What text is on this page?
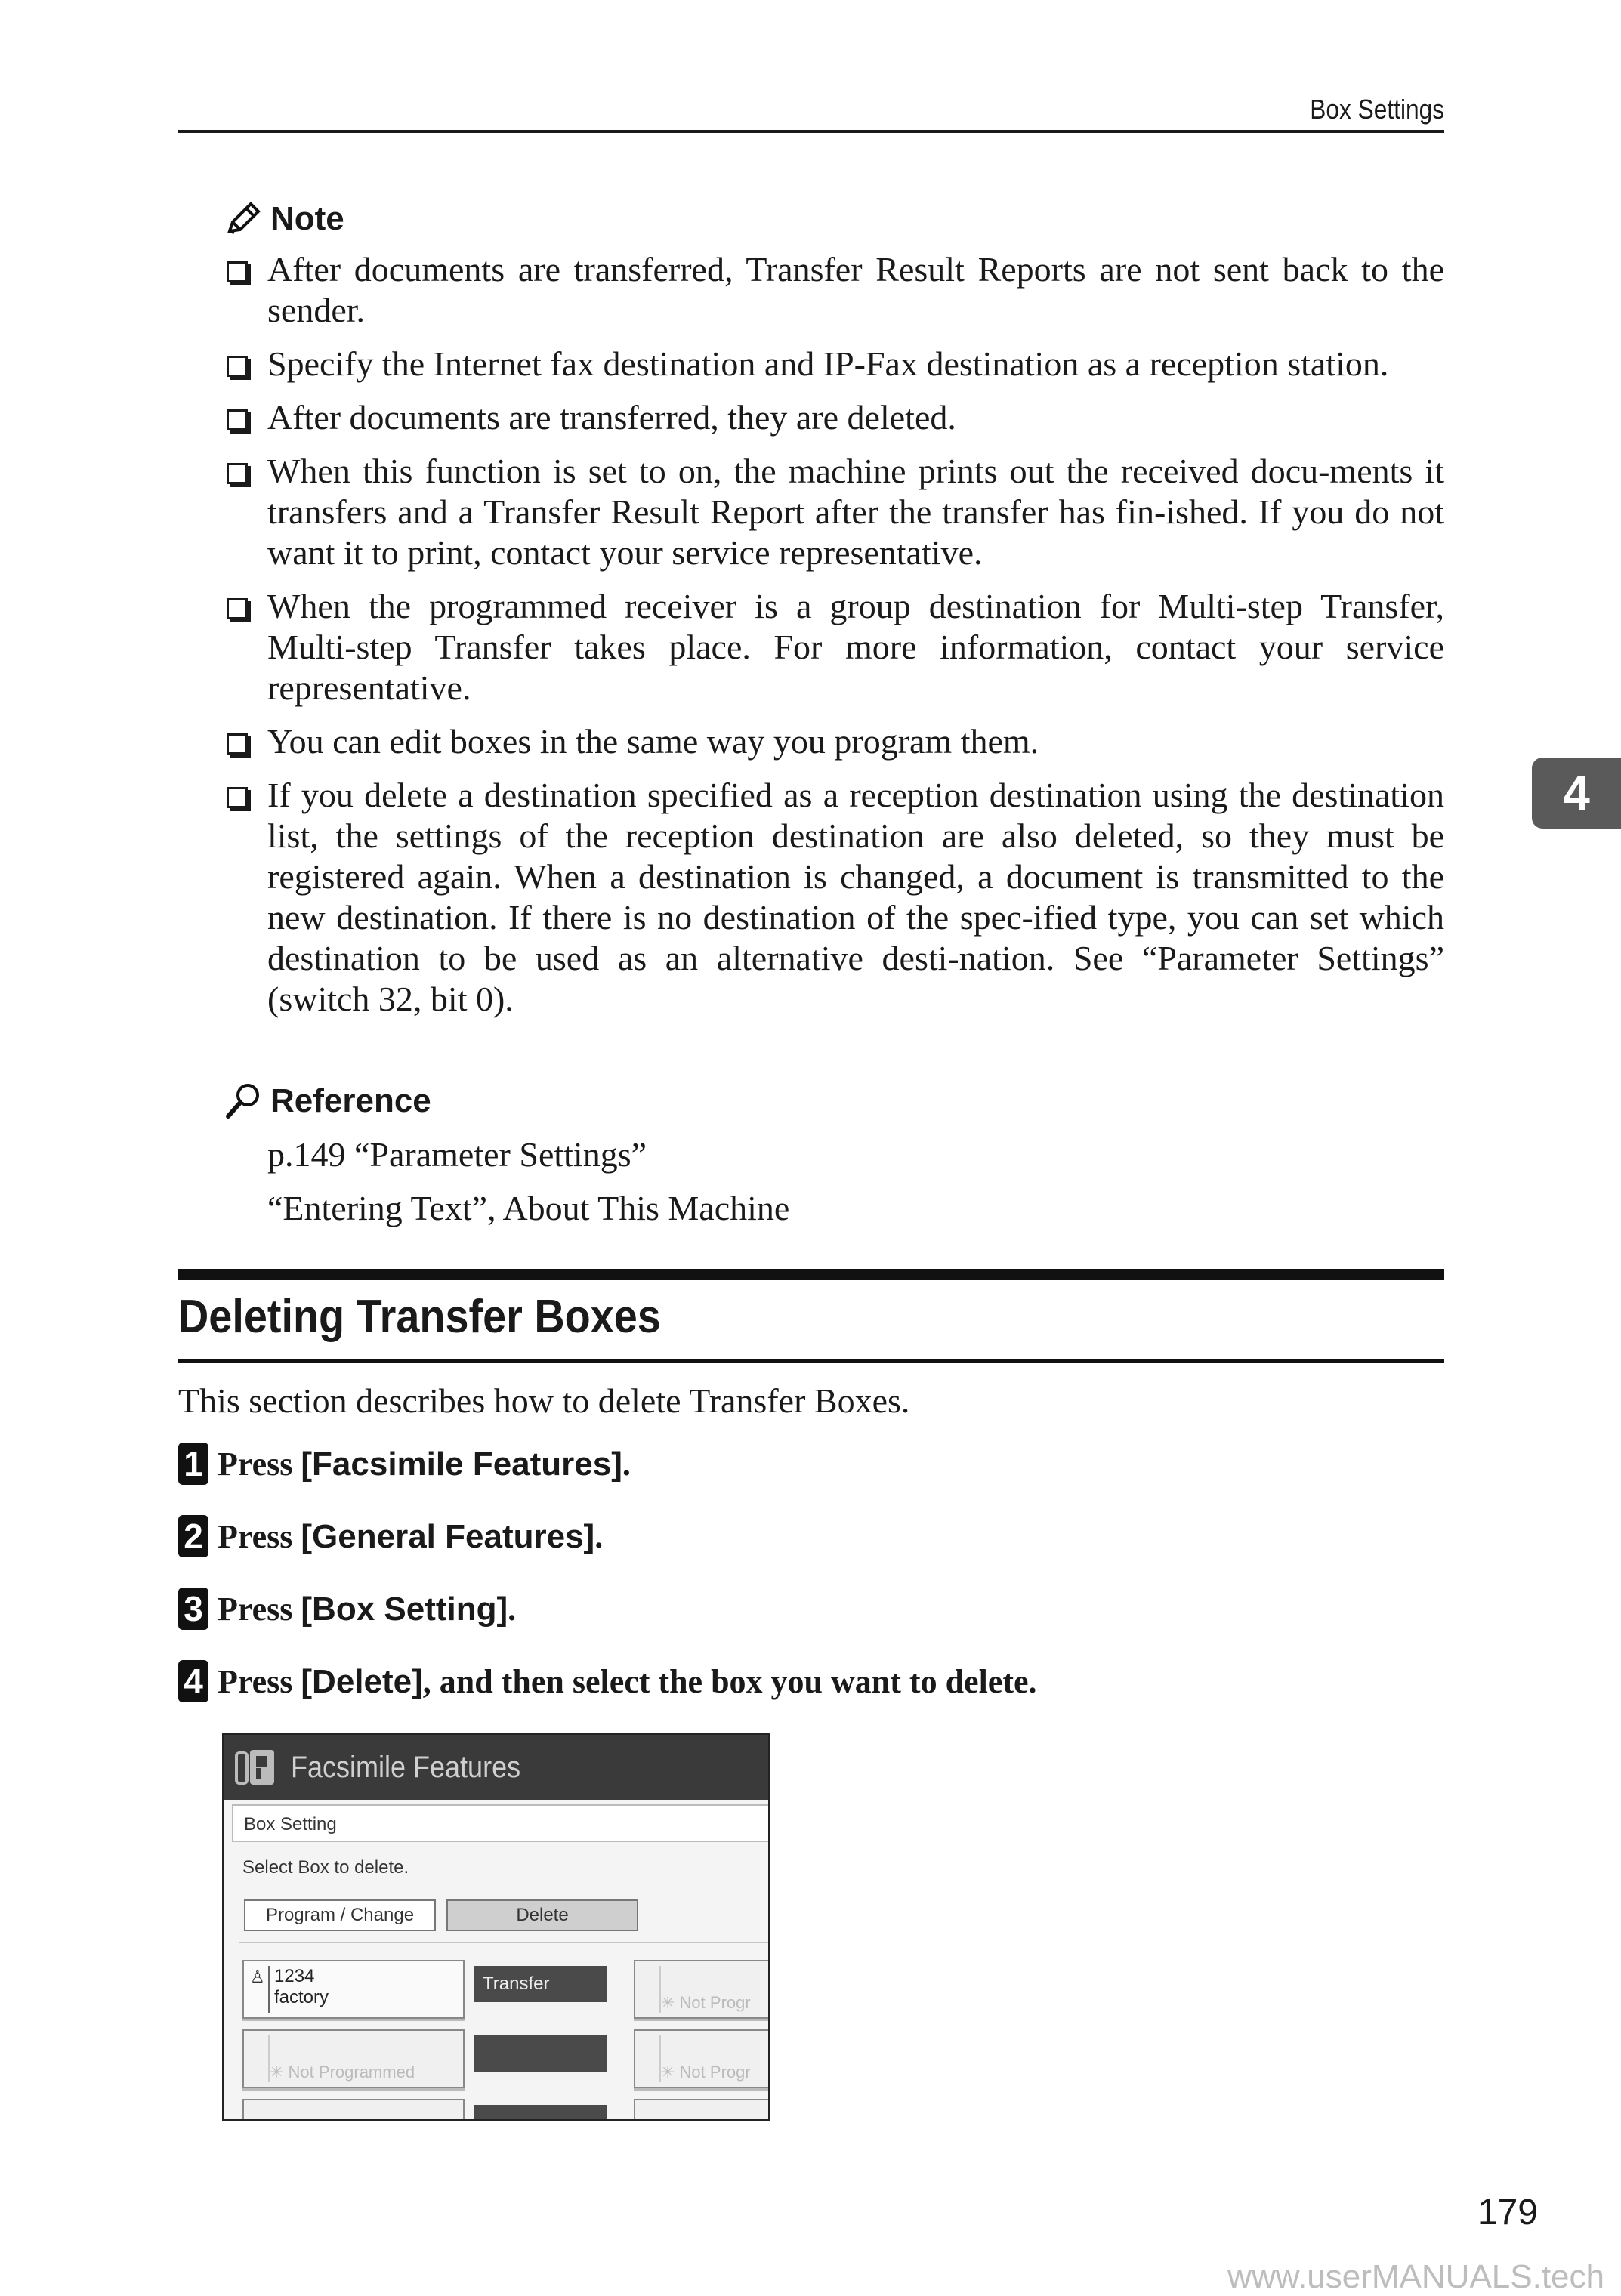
Box Settings
Note
After documents are transferred, Transfer Result Reports are not sent back to the sender.
Specify the Internet fax destination and IP-Fax destination as a reception station.
After documents are transferred, they are deleted.
When this function is set to on, the machine prints out the received docu-ments it transfers and a Transfer Result Report after the transfer has fin-ished. If you do not want it to print, contact your service representative.
When the programmed receiver is a group destination for Multi-step Transfer, Multi-step Transfer takes place. For more information, contact your service representative.
You can edit boxes in the same way you program them.
If you delete a destination specified as a reception destination using the destination list, the settings of the reception destination are also deleted, so they must be registered again. When a destination is changed, a document is transmitted to the new destination. If there is no destination of the spec-ified type, you can set which destination to be used as an alternative desti-nation. See “Parameter Settings” (switch 32, bit 0).
Reference
p.149 “Parameter Settings”
“Entering Text”, About This Machine
Deleting Transfer Boxes
This section describes how to delete Transfer Boxes.
1 Press [Facsimile Features].
2 Press [General Features].
3 Press [Box Setting].
4 Press [Delete], and then select the box you want to delete.
Facsimile Features
Box Setting
Select Box to delete.
Program / Change	Delete
♙ 1234
factory
Transfer
✳ Not Programmed
✳ Not Progr
✳ Not Progr
4
179
www.userMANUALS.tech
